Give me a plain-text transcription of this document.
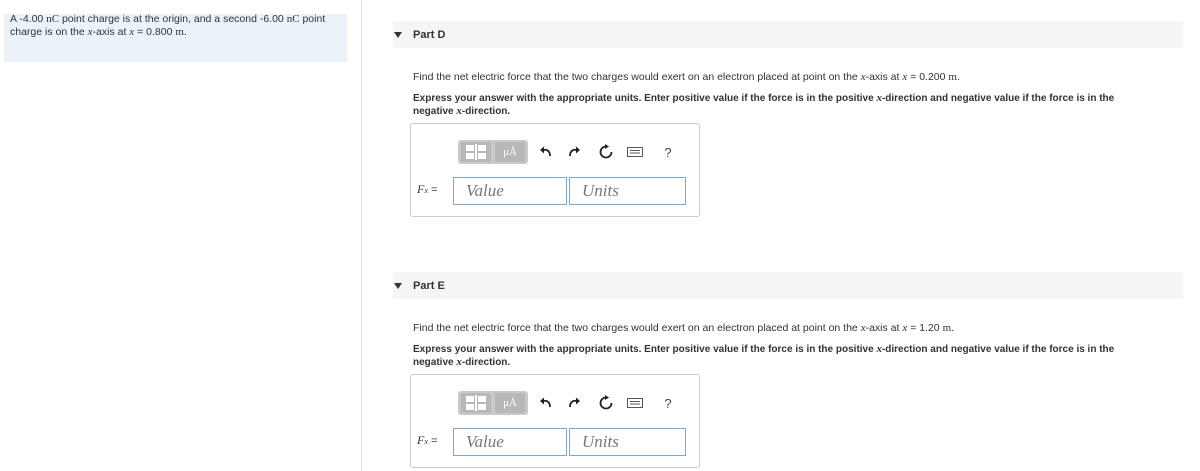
A -4.00 nC point charge is at the origin, and a second -6.00 nC point charge is on the x-axis at x = 0.800 m.	Part D
Find the net electric force that the two charges would exert on an electron placed at point on the x-axis at x = 0.200 m.
Express your answer with the appropriate units. Enter positive value if the force is in the positive x-direction and negative value if the force is in the
negative x-direction.
μÅ	?
Fx =	Value	Units
Part E
Find the net electric force that the two charges would exert on an electron placed at point on the x-axis at x = 1.20 m.
Express your answer with the appropriate units. Enter positive value if the force is in the positive x-direction and negative value if the force is in the
negative x-direction.
μÅ	?
Fx =	Value	Units
